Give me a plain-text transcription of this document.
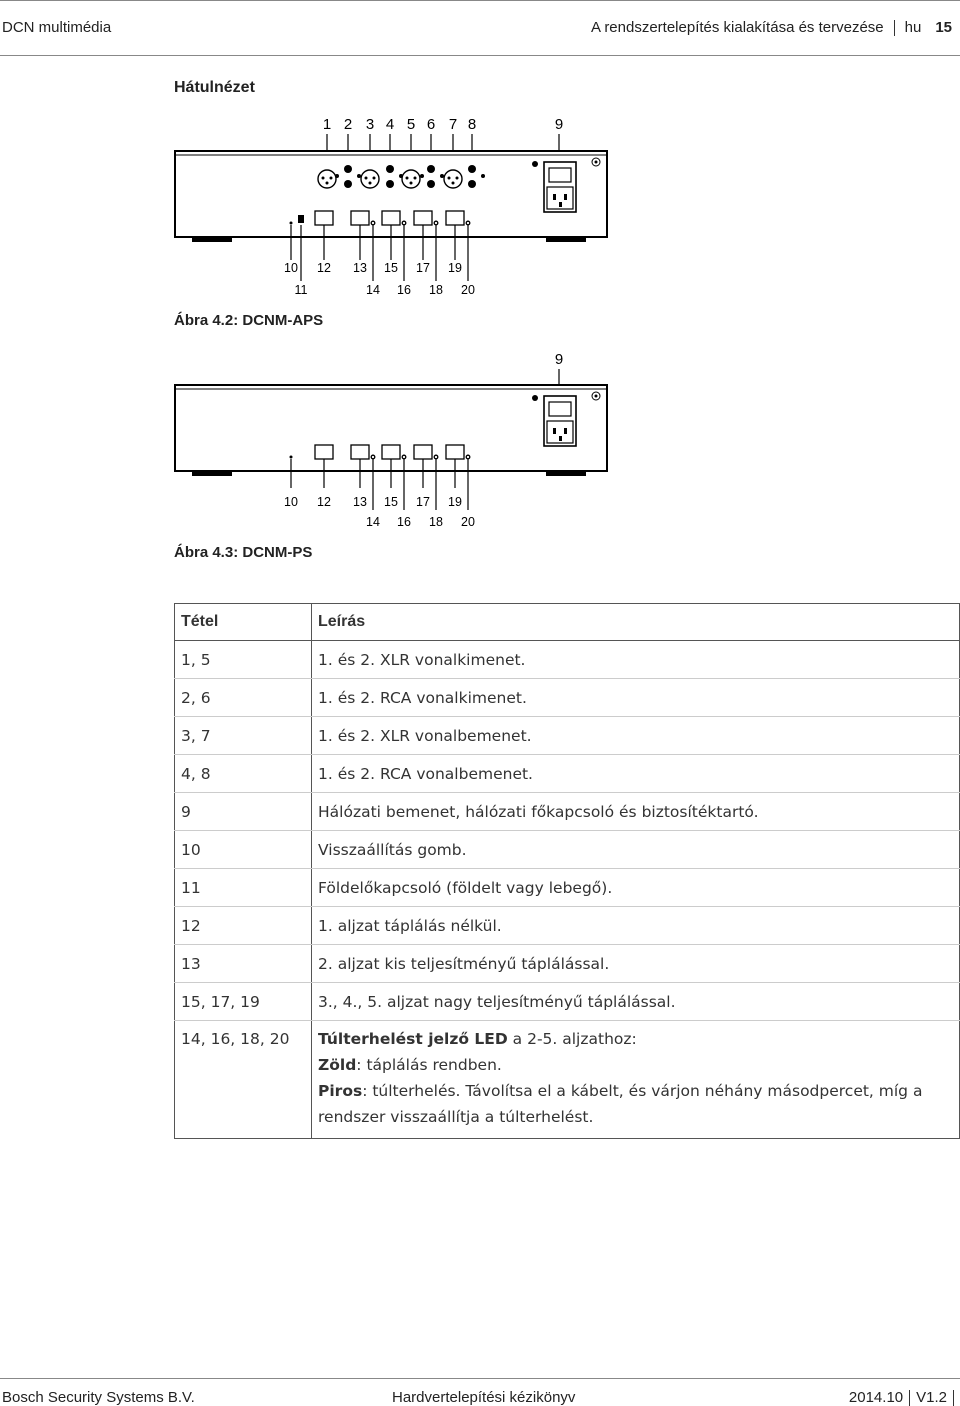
DCN multimédia	A rendszertelepítés kialakítása és tervezése hu 15
Hátulnézet
1 2 3 4 5 6 7 8	9
10 12 13 15 17 19
11	14 16 18 20
Ábra 4.2: DCNM-APS
9
10 12 13 15 17 19
14 16 18 20
Ábra 4.3: DCNM-PS
Tétel	Leírás
1, 5	1. és 2. XLR vonalkimenet.
2, 6	1. és 2. RCA vonalkimenet.
3, 7	1. és 2. XLR vonalbemenet.
4, 8	1. és 2. RCA vonalbemenet.
9	Hálózati bemenet, hálózati főkapcsoló és biztosítéktartó.
10	Visszaállítás gomb.
11	Földelőkapcsoló (földelt vagy lebegő).
12	1. aljzat táplálás nélkül.
13	2. aljzat kis teljesítményű táplálással.
15, 17, 19	3., 4., 5. aljzat nagy teljesítményű táplálással.
14, 16, 18, 20	Túlterhelést jelző LED a 2-5. aljzathoz:
Zöld: táplálás rendben.
Piros: túlterhelés. Távolítsa el a kábelt, és várjon néhány másodpercet, míg a rendszer visszaállítja a túlterhelést.
Bosch Security Systems B.V.	Hardvertelepítési kézikönyv	2014.10 V1.2
